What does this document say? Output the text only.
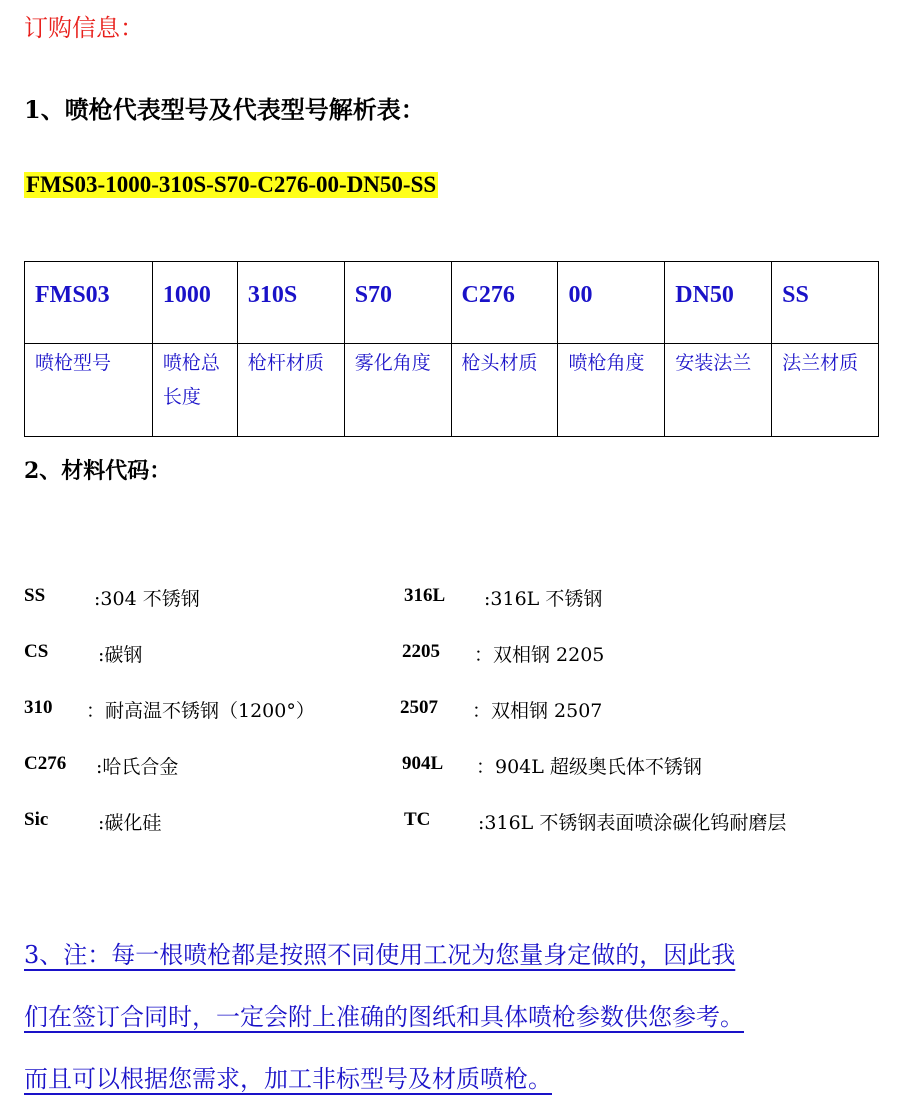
订购信息：
1、喷枪代表型号及代表型号解析表：
FMS03-1000-310S-S70-C276-00-DN50-SS
FMS03	1000	310S	S70	C276	00	DN50	SS
喷枪型号	喷枪总长度	枪杆材质	雾化角度	枪头材质	喷枪角度	安装法兰	法兰材质
2、材料代码：
SS	:304 不锈钢
CS	:碳钢
310 ：耐高温不锈钢（1200°）
C276 :哈氏合金
Sic	:碳化硅
316L :316L 不锈钢
2205 ：双相钢 2205
2507 ：双相钢 2507
904L ：904L 超级奥氏体不锈钢
TC	:316L 不锈钢表面喷涂碳化钨耐磨层
3、注：每一根喷枪都是按照不同使用工况为您量身定做的，因此我
们在签订合同时，一定会附上准确的图纸和具体喷枪参数供您参考。
而且可以根据您需求，加工非标型号及材质喷枪。
